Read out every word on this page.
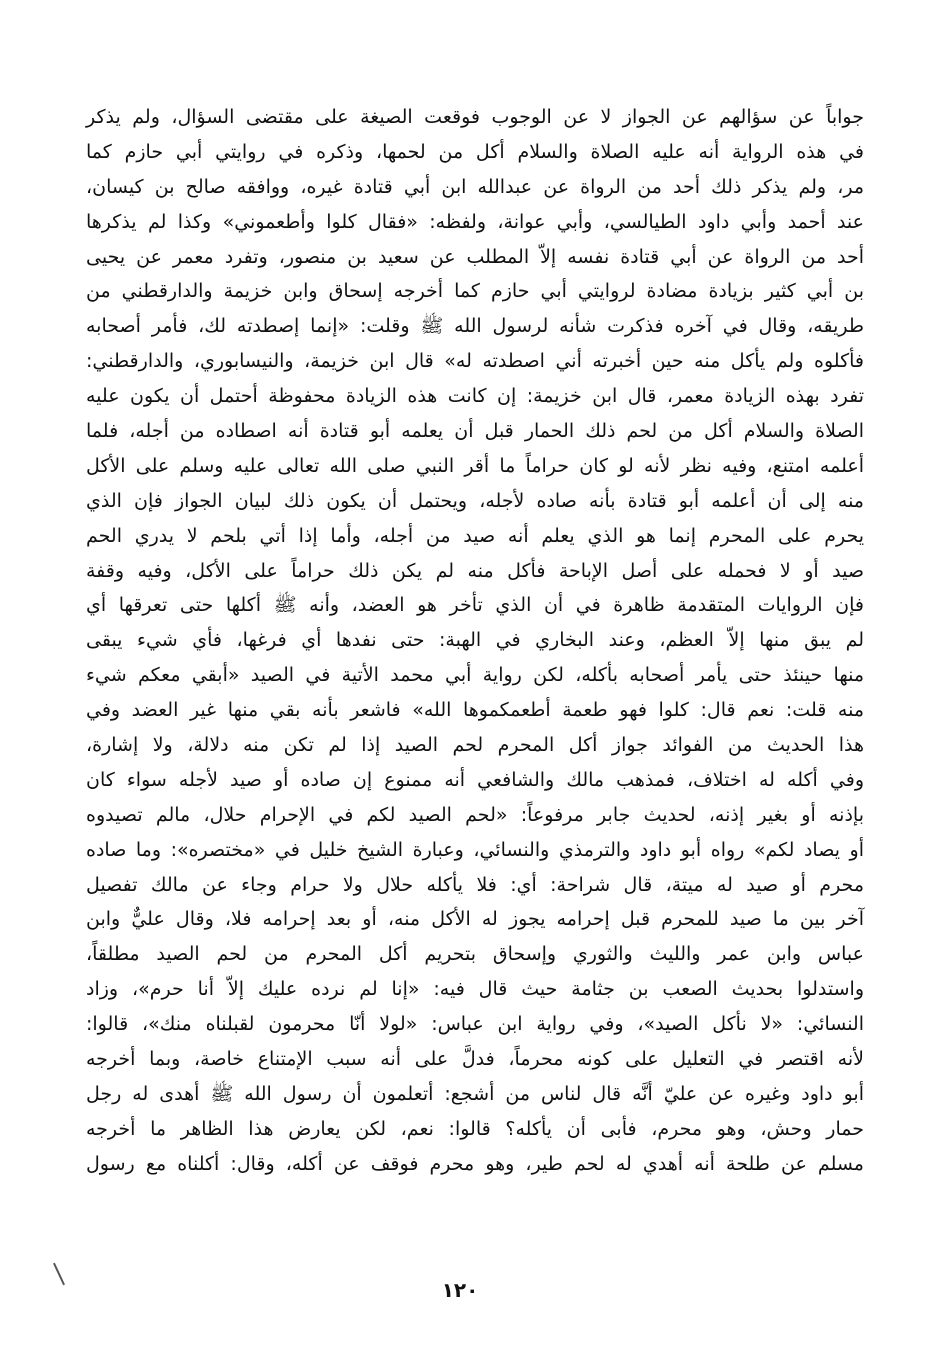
جواباً عن سؤالهم عن الجواز لا عن الوجوب فوقعت الصيغة على مقتضى السؤال، ولم يذكر
في هذه الرواية أنه عليه الصلاة والسلام أكل من لحمها، وذكره في روايتي أبي حازم كما
مر، ولم يذكر ذلك أحد من الرواة عن عبدالله ابن أبي قتادة غيره، ووافقه صالح بن كيسان،
عند أحمد وأبي داود الطيالسي، وأبي عوانة، ولفظه: «فقال كلوا وأطعموني» وكذا لم يذكرها
أحد من الرواة عن أبي قتادة نفسه إلاّ المطلب عن سعيد بن منصور، وتفرد معمر عن يحيى
بن أبي كثير بزيادة مضادة لروايتي أبي حازم كما أخرجه إسحاق وابن خزيمة والدارقطني من
طريقه، وقال في آخره فذكرت شأنه لرسول الله ﷺ وقلت: «إنما إصطدته لك، فأمر أصحابه
فأكلوه ولم يأكل منه حين أخبرته أني اصطدته له» قال ابن خزيمة، والنيسابوري، والدارقطني:
تفرد بهذه الزيادة معمر، قال ابن خزيمة: إن كانت هذه الزيادة محفوظة أحتمل أن يكون عليه
الصلاة والسلام أكل من لحم ذلك الحمار قبل أن يعلمه أبو قتادة أنه اصطاده من أجله، فلما
أعلمه امتنع، وفيه نظر لأنه لو كان حراماً ما أقر النبي صلى الله تعالى عليه وسلم على الأكل
منه إلى أن أعلمه أبو قتادة بأنه صاده لأجله، ويحتمل أن يكون ذلك لبيان الجواز فإن الذي
يحرم على المحرم إنما هو الذي يعلم أنه صيد من أجله، وأما إذا أتي بلحم لا يدري الحم
صيد أو لا فحمله على أصل الإباحة فأكل منه لم يكن ذلك حراماً على الأكل، وفيه وقفة
فإن الروايات المتقدمة ظاهرة في أن الذي تأخر هو العضد، وأنه ﷺ أكلها حتى تعرقها أي
لم يبق منها إلاّ العظم، وعند البخاري في الهبة: حتى نفدها أي فرغها، فأي شيء يبقى
منها حينئذ حتى يأمر أصحابه بأكله، لكن رواية أبي محمد الأتية في الصيد «أبقي معكم شيء
منه قلت: نعم قال: كلوا فهو طعمة أطعمكموها الله» فاشعر بأنه بقي منها غير العضد وفي
هذا الحديث من الفوائد جواز أكل المحرم لحم الصيد إذا لم تكن منه دلالة، ولا إشارة،
وفي أكله له اختلاف، فمذهب مالك والشافعي أنه ممنوع إن صاده أو صيد لأجله سواء كان
بإذنه أو بغير إذنه، لحديث جابر مرفوعاً: «لحم الصيد لكم في الإحرام حلال، مالم تصيدوه
أو يصاد لكم» رواه أبو داود والترمذي والنسائي، وعبارة الشيخ خليل في «مختصره»: وما صاده
محرم أو صيد له ميتة، قال شراحة: أي: فلا يأكله حلال ولا حرام وجاء عن مالك تفصيل
آخر بين ما صيد للمحرم قبل إحرامه يجوز له الأكل منه، أو بعد إحرامه فلا، وقال عليٌّ وابن
عباس وابن عمر والليث والثوري وإسحاق بتحريم أكل المحرم من لحم الصيد مطلقاً،
واستدلوا بحديث الصعب بن جثامة حيث قال فيه: «إنا لم نرده عليك إلاّ أنا حرم»، وزاد
النسائي: «لا نأكل الصيد»، وفي رواية ابن عباس: «لولا أنّا محرمون لقبلناه منك»، قالوا:
لأنه اقتصر في التعليل على كونه محرماً، فدلَّ على أنه سبب الإمتناع خاصة، وبما أخرجه
أبو داود وغيره عن عليّ أنَّه قال لناس من أشجع: أتعلمون أن رسول الله ﷺ أهدى له رجل
حمار وحش، وهو محرم، فأبى أن يأكله؟ قالوا: نعم، لكن يعارض هذا الظاهر ما أخرجه
مسلم عن طلحة أنه أهدي له لحم طير، وهو محرم فوقف عن أكله، وقال: أكلناه مع رسول
١٢٠
